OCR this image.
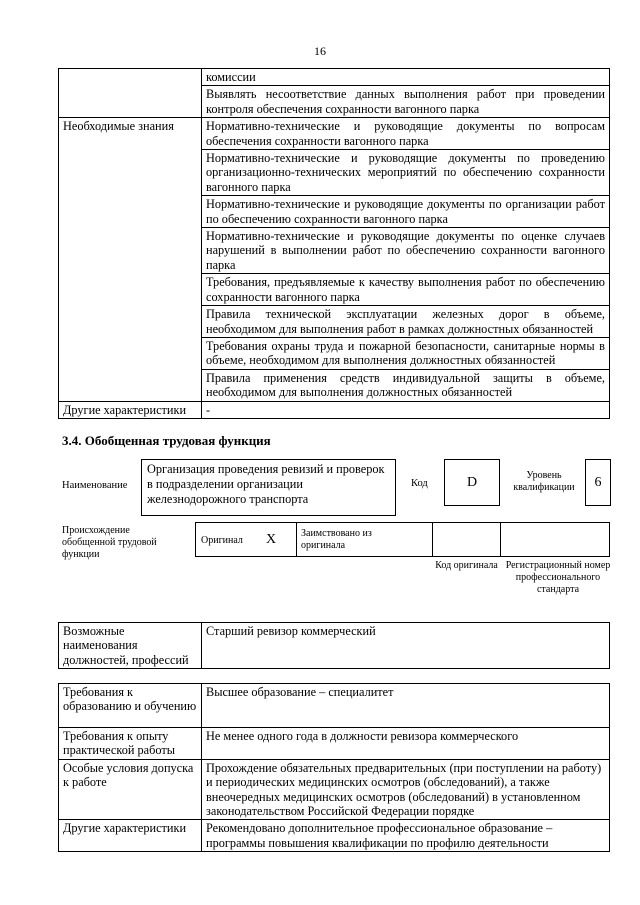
16
	комиссии
	Выявлять несоответствие данных выполнения работ при проведении контроля обеспечения сохранности вагонного парка
Необходимые знания	Нормативно-технические и руководящие документы по вопросам обеспечения сохранности вагонного парка
	Нормативно-технические и руководящие документы по проведению организационно-технических мероприятий по обеспечению сохранности вагонного парка
	Нормативно-технические и руководящие документы по организации работ по обеспечению сохранности вагонного парка
	Нормативно-технические и руководящие документы по оценке случаев нарушений в выполнении работ по обеспечению сохранности вагонного парка
	Требования, предъявляемые к качеству выполнения работ по обеспечению сохранности вагонного парка
	Правила технической эксплуатации железных дорог в объеме, необходимом для выполнения работ в рамках должностных обязанностей
	Требования охраны труда и пожарной безопасности, санитарные нормы в объеме, необходимом для выполнения должностных обязанностей
	Правила применения средств индивидуальной защиты в объеме, необходимом для выполнения должностных обязанностей
Другие характеристики	-
3.4. Обобщенная трудовая функция
Наименование
Организация проведения ревизий и проверок в подразделении организации железнодорожного транспорта
Код	D	Уровень квалификации	6
Происхождение обобщенной трудовой функции
Оригинал X Заимствовано из оригинала
Код оригинала Регистрационный номер профессионального стандарта
Возможные наименования должностей, профессий	Старший ревизор коммерческий
Требования к образованию и обучению	Высшее образование – специалитет
Требования к опыту практической работы	Не менее одного года в должности ревизора коммерческого
Особые условия допуска к работе	Прохождение обязательных предварительных (при поступлении на работу) и периодических медицинских осмотров (обследований), а также внеочередных медицинских осмотров (обследований) в установленном законодательством Российской Федерации порядке
Другие характеристики	Рекомендовано дополнительное профессиональное образование – программы повышения квалификации по профилю деятельности
